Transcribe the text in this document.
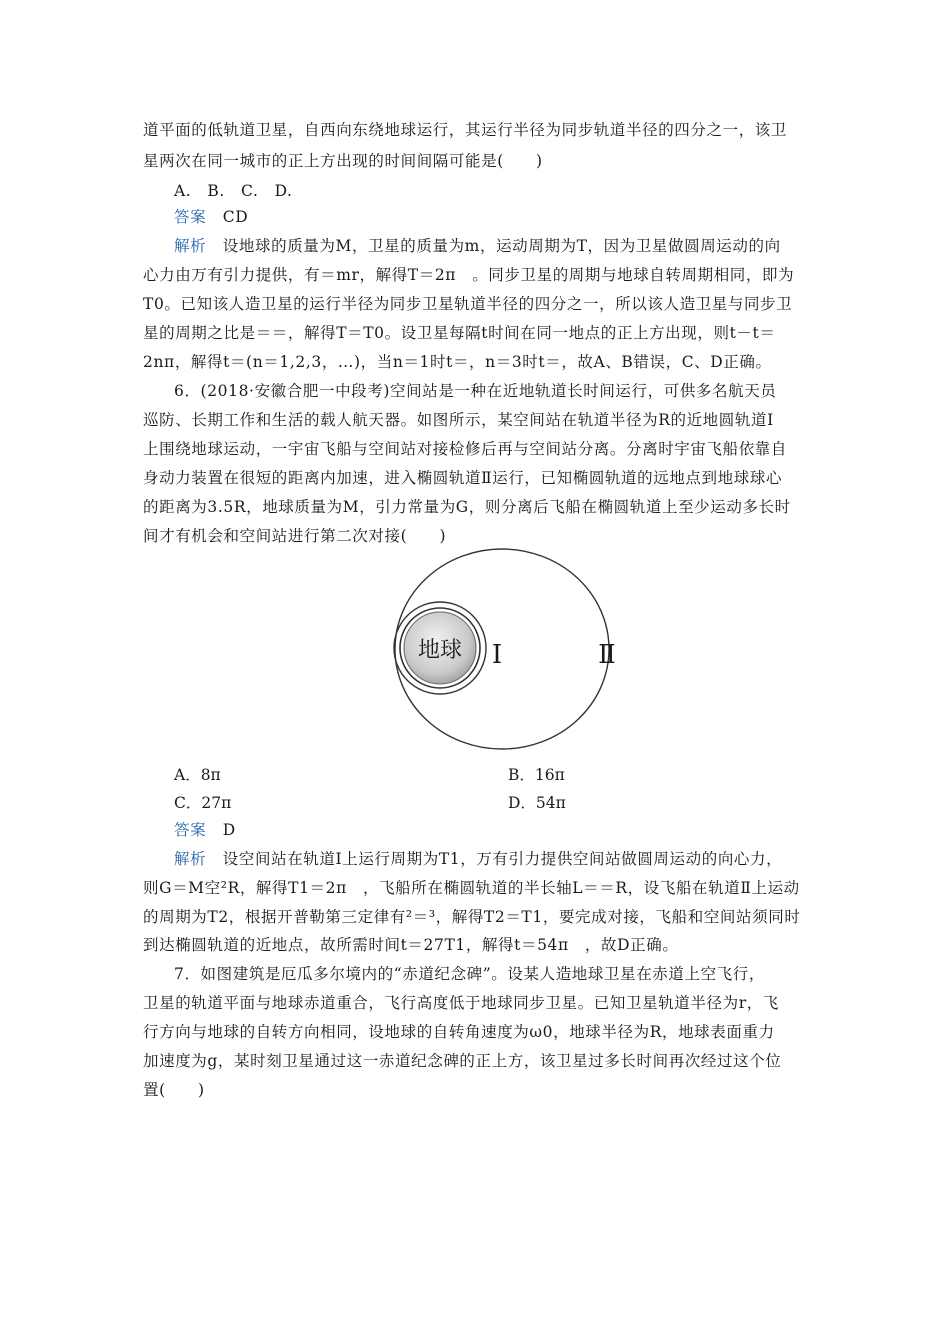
道平面的低轨道卫星，自西向东绕地球运行，其运行半径为同步轨道半径的四分之一，该卫
星两次在同一城市的正上方出现的时间间隔可能是(　　)
A.　B.　C.　D.
答案 CD
解析 设地球的质量为M，卫星的质量为m，运动周期为T，因为卫星做圆周运动的向
心力由万有引力提供，有＝mr，解得T＝2π　。同步卫星的周期与地球自转周期相同，即为
T0。已知该人造卫星的运行半径为同步卫星轨道半径的四分之一，所以该人造卫星与同步卫
星的周期之比是＝＝，解得T＝T0。设卫星每隔t时间在同一地点的正上方出现，则t－t＝
2nπ，解得t＝(n＝1,2,3，…)，当n＝1时t＝，n＝3时t＝，故A、B错误，C、D正确。
6．(2018·安徽合肥一中段考)空间站是一种在近地轨道长时间运行，可供多名航天员
巡防、长期工作和生活的载人航天器。如图所示，某空间站在轨道半径为R的近地圆轨道Ⅰ
上围绕地球运动，一宇宙飞船与空间站对接检修后再与空间站分离。分离时宇宙飞船依靠自
身动力装置在很短的距离内加速，进入椭圆轨道Ⅱ运行，已知椭圆轨道的远地点到地球球心
的距离为3.5R，地球质量为M，引力常量为G，则分离后飞船在椭圆轨道上至少运动多长时
间才有机会和空间站进行第二次对接(　　)
地球 Ⅰ	Ⅱ
A．8π	B．16π
C．27π	D．54π
答案 D
解析 设空间站在轨道Ⅰ上运行周期为T1，万有引力提供空间站做圆周运动的向心力，
则G＝M空²R，解得T1＝2π　，飞船所在椭圆轨道的半长轴L＝＝R，设飞船在轨道Ⅱ上运动
的周期为T2，根据开普勒第三定律有²＝³，解得T2＝T1，要完成对接，飞船和空间站须同时
到达椭圆轨道的近地点，故所需时间t＝27T1，解得t＝54π　，故D正确。
7．如图建筑是厄瓜多尔境内的“赤道纪念碑”。设某人造地球卫星在赤道上空飞行，
卫星的轨道平面与地球赤道重合，飞行高度低于地球同步卫星。已知卫星轨道半径为r，飞
行方向与地球的自转方向相同，设地球的自转角速度为ω0，地球半径为R，地球表面重力
加速度为g，某时刻卫星通过这一赤道纪念碑的正上方，该卫星过多长时间再次经过这个位
置(　　)
